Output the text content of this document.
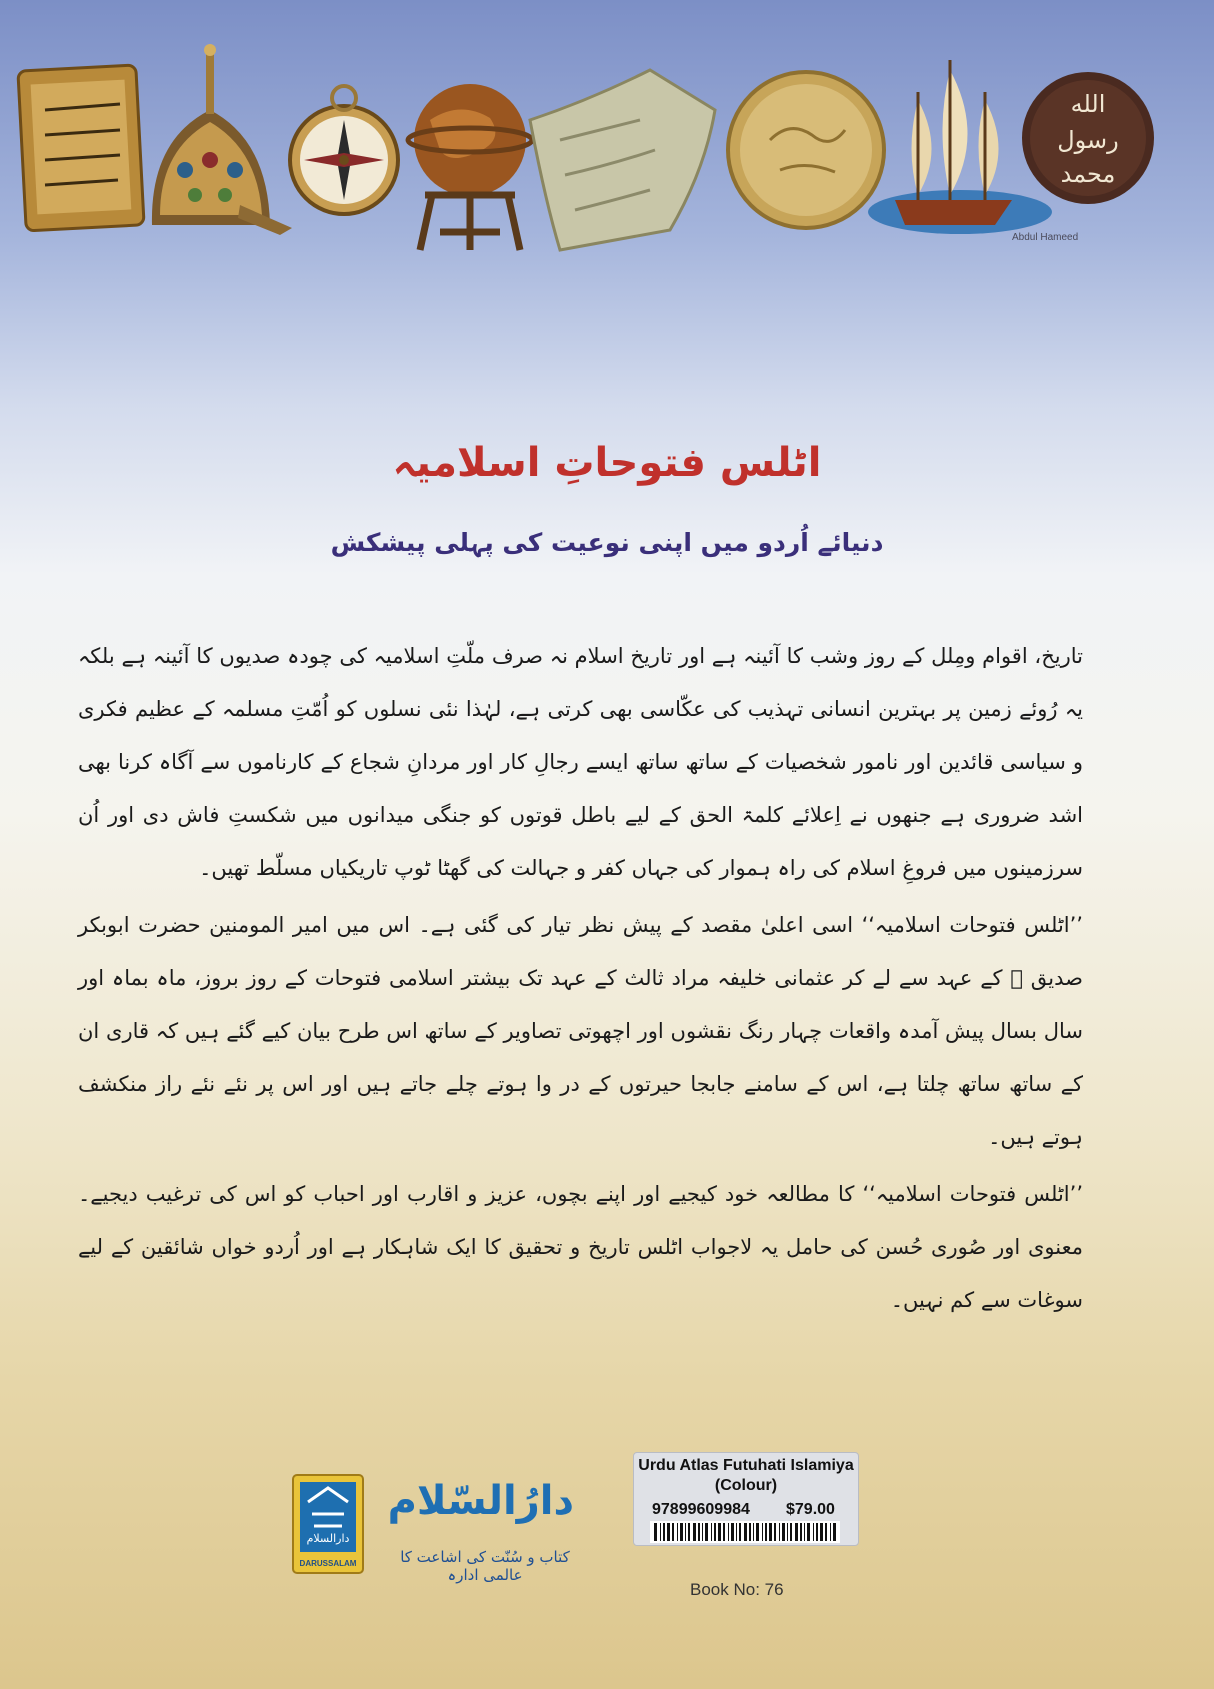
Abdul Hameed
الله
رسول
محمد
اٹلس فتوحاتِ اسلامیہ
دنیائے اُردو میں اپنی نوعیت کی پہلی پیشکش

تاریخ، اقوام ومِلل کے روز وشب کا آئینہ ہے اور تاریخ اسلام نہ صرف ملّتِ اسلامیہ کی چودہ صدیوں کا آئینہ ہے بلکہ یہ رُوئے زمین پر بہترین انسانی تہذیب کی عکّاسی بھی کرتی ہے، لہٰذا نئی نسلوں کو اُمّتِ مسلمہ کے عظیم فکری و سیاسی قائدین اور نامور شخصیات کے ساتھ ساتھ ایسے رجالِ کار اور مردانِ شجاع کے کارناموں سے آگاہ کرنا بھی اشد ضروری ہے جنھوں نے اِعلائے کلمۃ الحق کے لیے باطل قوتوں کو جنگی میدانوں میں شکستِ فاش دی اور اُن سرزمینوں میں فروغِ اسلام کی راہ ہموار کی جہاں کفر و جہالت کی گھٹا ٹوپ تاریکیاں مسلّط تھیں۔

’’اٹلس فتوحات اسلامیہ‘‘ اسی اعلیٰ مقصد کے پیش نظر تیار کی گئی ہے۔ اس میں امیر المومنین حضرت ابوبکر صدیق ﷛ کے عہد سے لے کر عثمانی خلیفہ مراد ثالث کے عہد تک بیشتر اسلامی فتوحات کے روز بروز، ماہ بماہ اور سال بسال پیش آمدہ واقعات چہار رنگ نقشوں اور اچھوتی تصاویر کے ساتھ اس طرح بیان کیے گئے ہیں کہ قاری ان کے ساتھ ساتھ چلتا ہے، اس کے سامنے جابجا حیرتوں کے در وا ہوتے چلے جاتے ہیں اور اس پر نئے نئے راز منکشف ہوتے ہیں۔

’’اٹلس فتوحات اسلامیہ‘‘ کا مطالعہ خود کیجیے اور اپنے بچوں، عزیز و اقارب اور احباب کو اس کی ترغیب دیجیے۔ معنوی اور صُوری حُسن کی حامل یہ لاجواب اٹلس تاریخ و تحقیق کا ایک شاہکار ہے اور اُردو خواں شائقین کے لیے سوغات سے کم نہیں۔

دارالسلام
DARUSSALAM
دارُالسّلام
کتاب و سُنّت کی اشاعت کا عالمی ادارہ
Urdu Atlas Futuhati Islamiya
(Colour)
97899609984 $79.00
Book No: 76
